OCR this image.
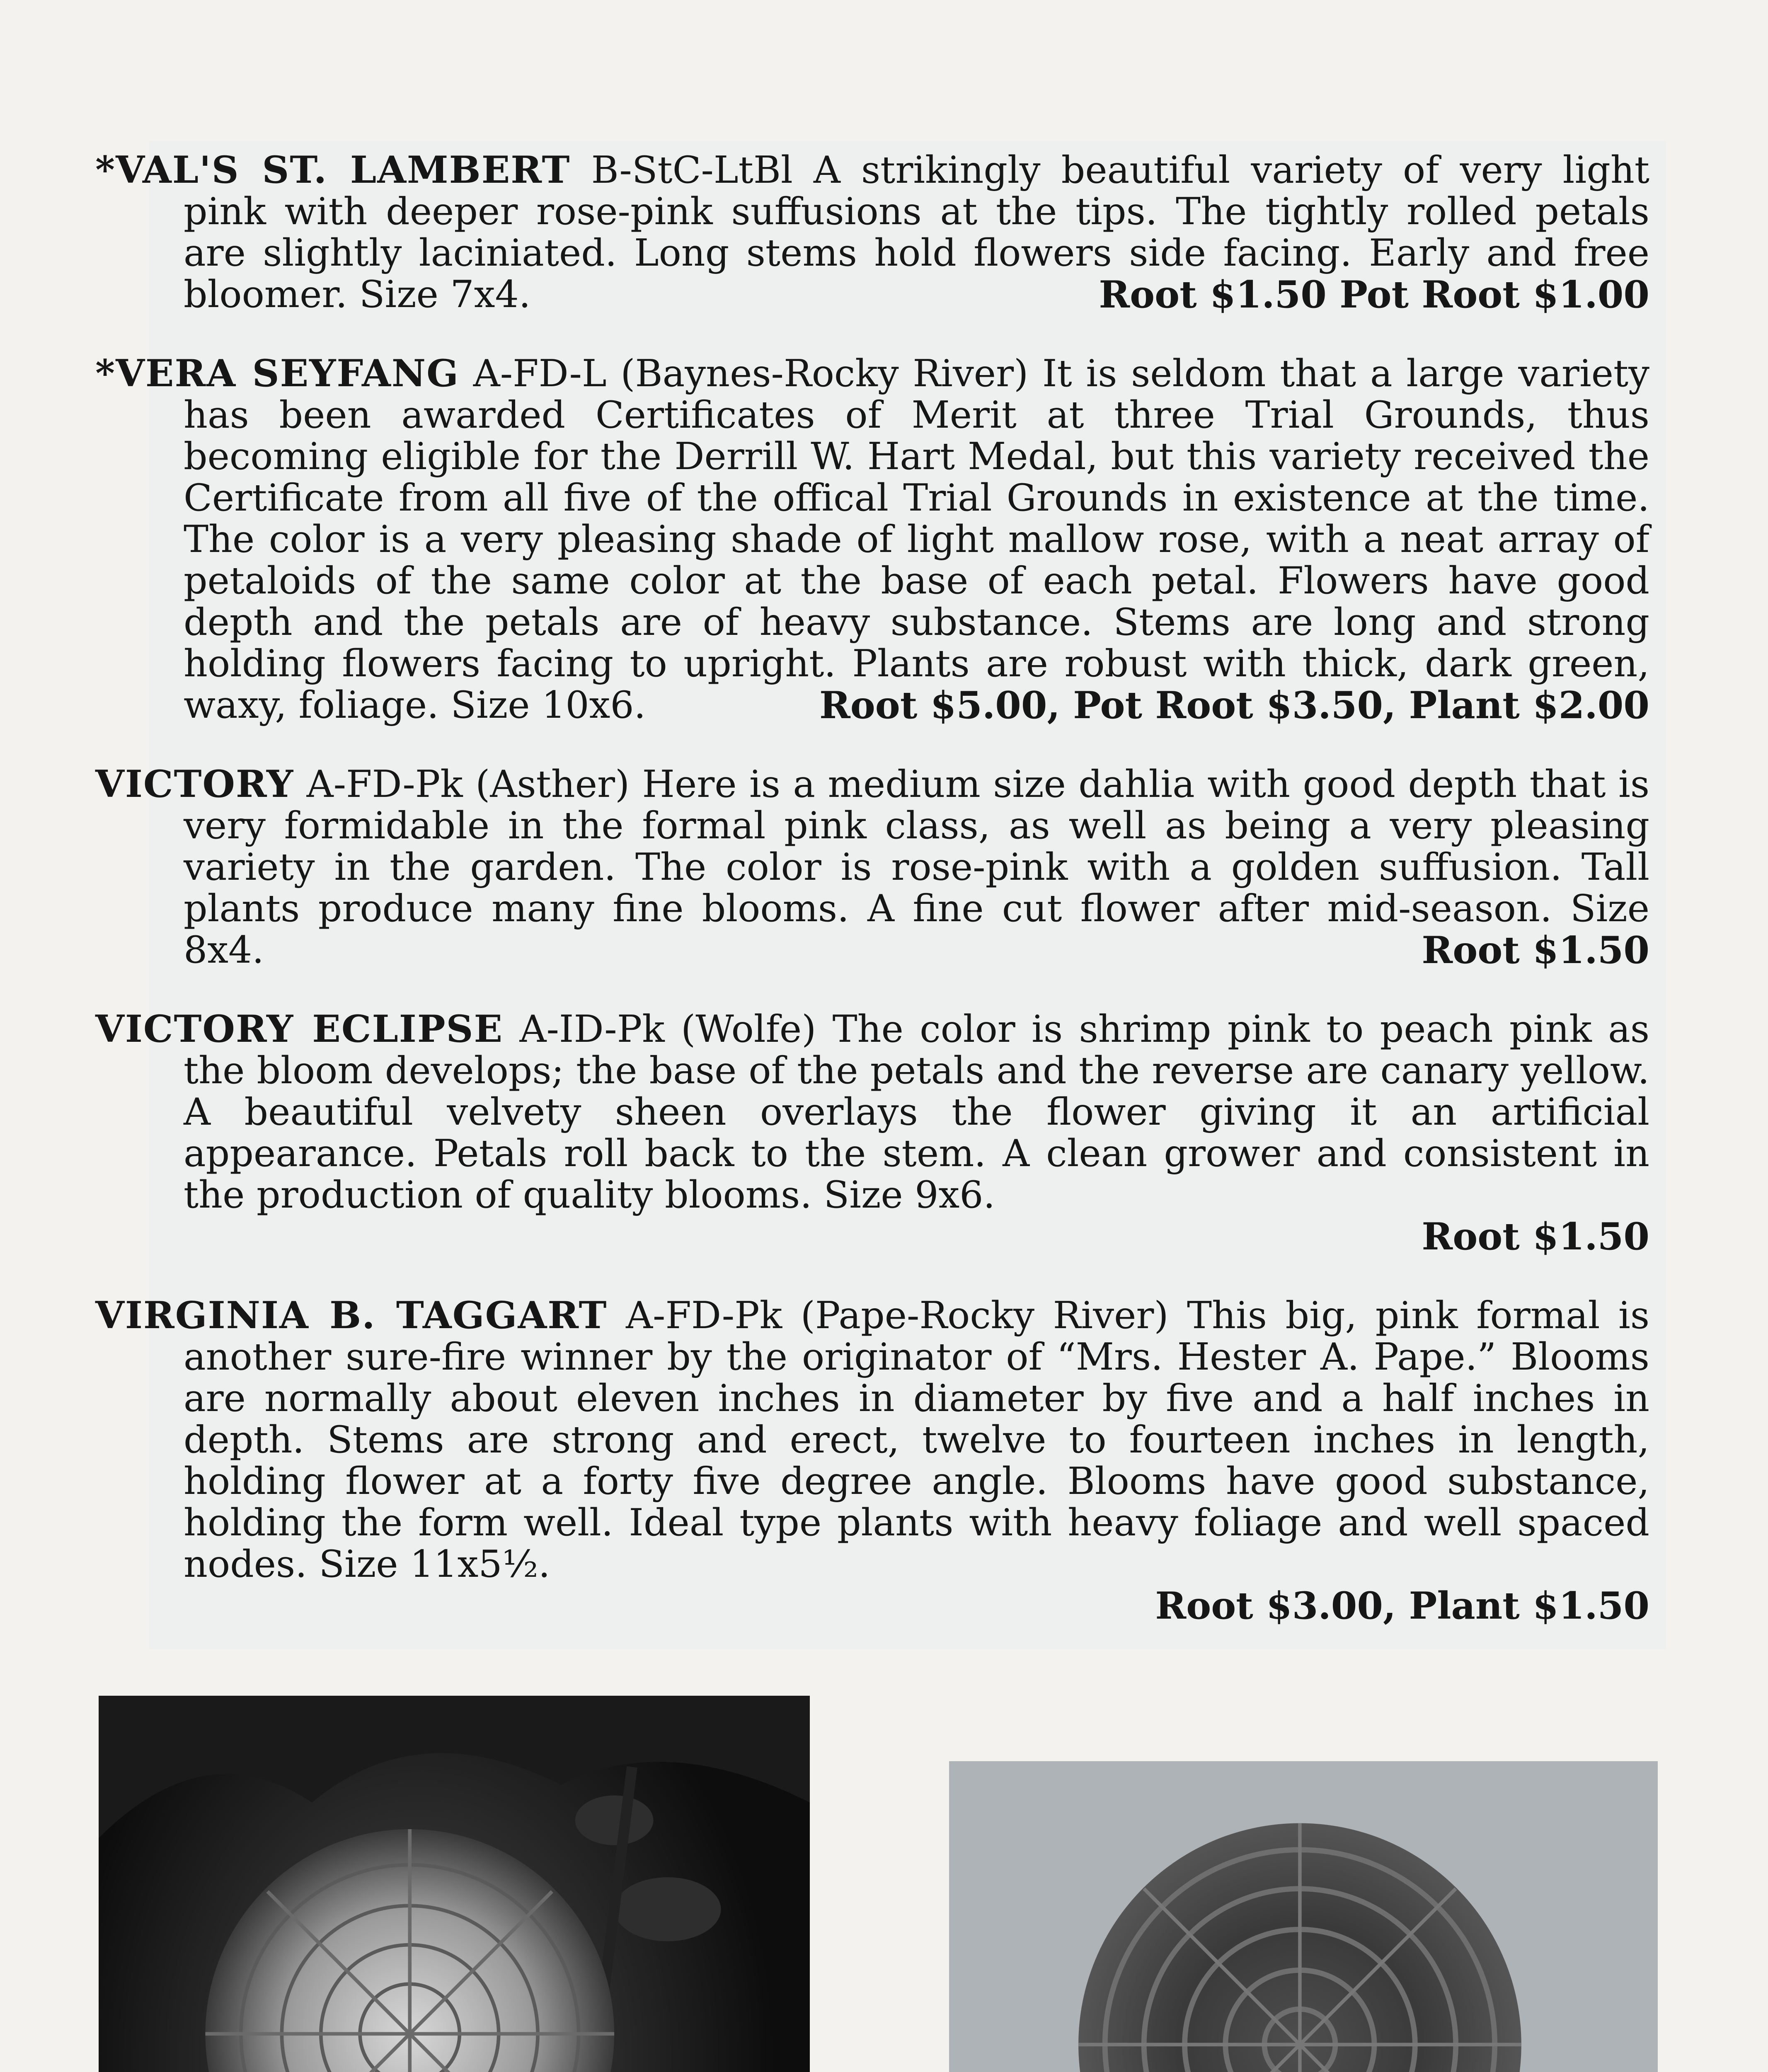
*VAL'S ST. LAMBERT B-StC-LtBl A strikingly beautiful variety of very light pink with deeper rose-pink suffusions at the tips. The tightly rolled petals are slightly laciniated. Long stems hold flowers side facing. Early and free bloomer. Size 7x4.	Root $1.50 Pot Root $1.00

*VERA SEYFANG A-FD-L (Baynes-Rocky River) It is seldom that a large variety has been awarded Certificates of Merit at three Trial Grounds, thus becoming eligible for the Derrill W. Hart Medal, but this variety received the Certificate from all five of the offical Trial Grounds in existence at the time. The color is a very pleasing shade of light mallow rose, with a neat array of petaloids of the same color at the base of each petal. Flowers have good depth and the petals are of heavy substance. Stems are long and strong holding flowers facing to upright. Plants are robust with thick, dark green, waxy, foliage. Size 10x6.	Root $5.00, Pot Root $3.50, Plant $2.00

VICTORY A-FD-Pk (Asther) Here is a medium size dahlia with good depth that is very formidable in the formal pink class, as well as being a very pleasing variety in the garden. The color is rose-pink with a golden suffusion. Tall plants produce many fine blooms. A fine cut flower after mid-season. Size 8x4.	Root $1.50

VICTORY ECLIPSE A-ID-Pk (Wolfe) The color is shrimp pink to peach pink as the bloom develops; the base of the petals and the reverse are canary yellow. A beautiful velvety sheen overlays the flower giving it an artificial appearance. Petals roll back to the stem. A clean grower and consistent in the production of quality blooms. Size 9x6.
Root $1.50

VIRGINIA B. TAGGART A-FD-Pk (Pape-Rocky River) This big, pink formal is another sure-fire winner by the originator of “Mrs. Hester A. Pape.” Blooms are normally about eleven inches in diameter by five and a half inches in depth. Stems are strong and erect, twelve to fourteen inches in length, holding flower at a forty five degree angle. Blooms have good substance, holding the form well. Ideal type plants with heavy foliage and well spaced nodes. Size 11x5½.
Root $3.00, Plant $1.50
